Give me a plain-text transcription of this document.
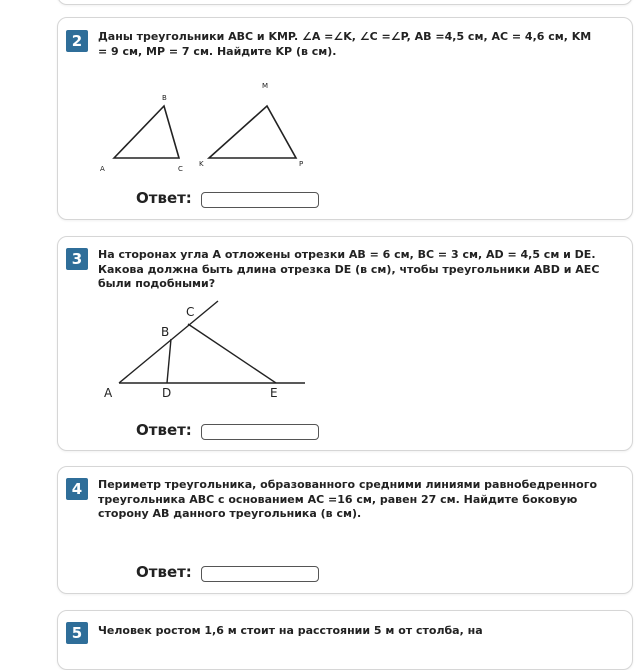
2	Даны треугольники ABC и KMP. ∠A =∠K, ∠C =∠P, AB =4,5 см, AC = 4,6 см, KM = 9 см, MP = 7 см. Найдите KP (в см).
A
B
C
K
M
P
Ответ:
3	На сторонах угла A отложены отрезки AB = 6 см, BC = 3 см, AD = 4,5 см и DE. Какова должна быть длина отрезка DE (в см), чтобы треугольники ABD и AEC были подобными?
A
B
C
D	E
Ответ:
4	Периметр треугольника, образованного средними линиями равнобедренного треугольника ABC с основанием AC =16 см, равен 27 см. Найдите боковую сторону AB данного треугольника (в см).
Ответ:
5	Человек ростом 1,6 м стоит на расстоянии 5 м от столба, на
